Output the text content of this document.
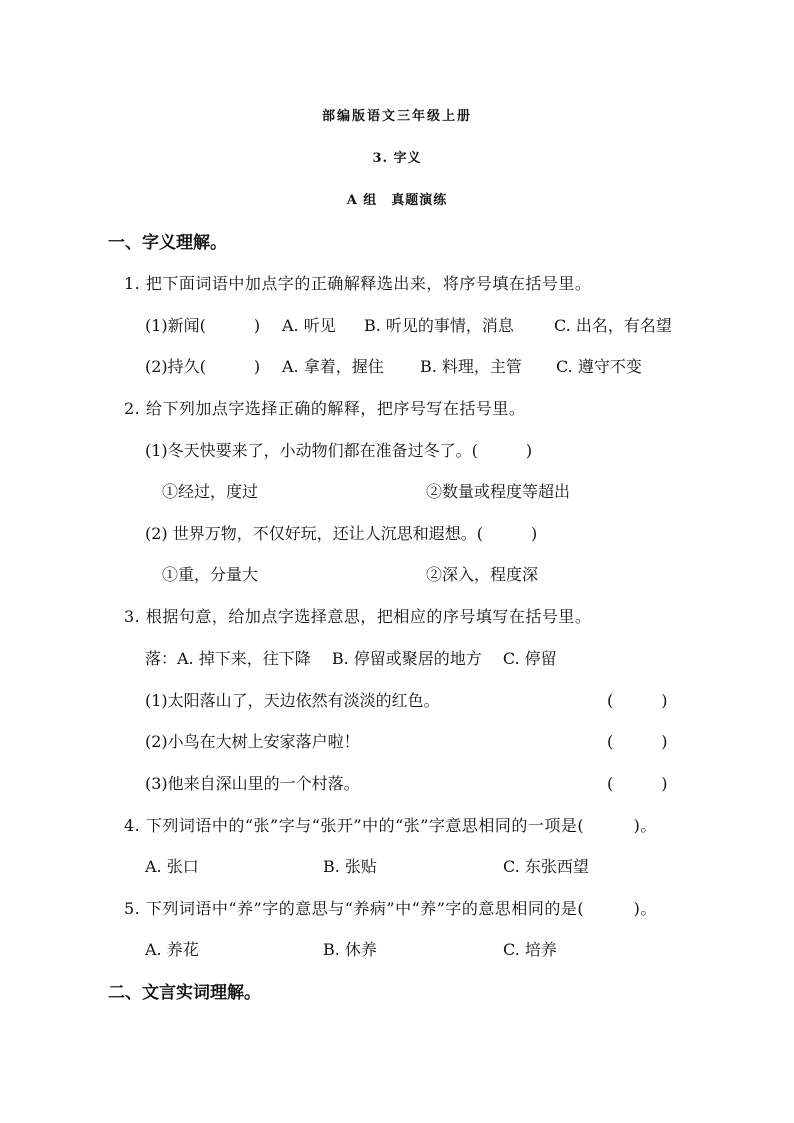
部编版语文三年级上册
3. 字义
A 组　真题演练
一、字义理解。
1. 把下面词语中加点字的正确解释选出来，将序号填在括号里。
(1)新闻(　　　) A. 听见 B. 听见的事情，消息	C. 出名，有名望
(2)持久(　　　) A. 拿着，握住 B. 料理，主管 C. 遵守不变
2. 给下列加点字选择正确的解释，把序号写在括号里。
(1)冬天快要来了，小动物们都在准备过冬了。(　　　)
①经过，度过	②数量或程度等超出
(2) 世界万物，不仅好玩，还让人沉思和遐想。(　　　)
①重，分量大	②深入，程度深
3. 根据句意，给加点字选择意思，把相应的序号填写在括号里。
落：A. 掉下来，往下降　 B. 停留或聚居的地方　 C. 停留
(1)太阳落山了，天边依然有淡淡的红色。	(　　　)
(2)小鸟在大树上安家落户啦！	(　　　)
(3)他来自深山里的一个村落。	(　　　)
4. 下列词语中的“张”字与“张开”中的“张”字意思相同的一项是(　　　)。
A. 张口	B. 张贴	C. 东张西望
5. 下列词语中“养”字的意思与“养病”中“养”字的意思相同的是(　　　)。
A. 养花	B. 休养	C. 培养
二、文言实词理解。
